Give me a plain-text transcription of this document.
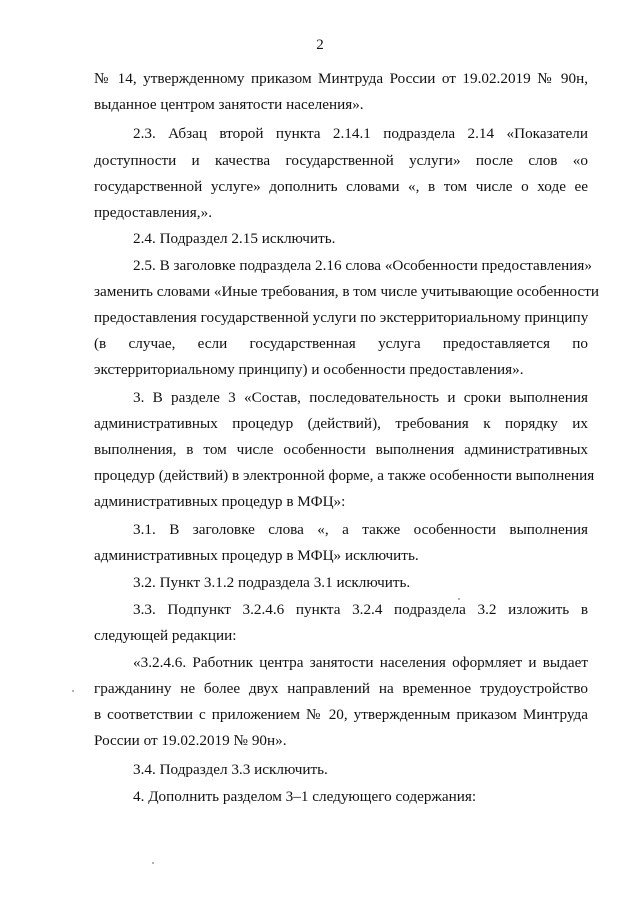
2
№ 14, утвержденному приказом Минтруда России от 19.02.2019 № 90н,
выданное центром занятости населения».
2.3. Абзац второй пункта 2.14.1 подраздела 2.14 «Показатели
доступности и качества государственной услуги» после слов «о
государственной услуге» дополнить словами «, в том числе о ходе ее
предоставления,».
2.4. Подраздел 2.15 исключить.
2.5. В заголовке подраздела 2.16 слова «Особенности предоставления»
заменить словами «Иные требования, в том числе учитывающие особенности
предоставления государственной услуги по экстерриториальному принципу
(в случае, если государственная услуга предоставляется по
экстерриториальному принципу) и особенности предоставления».
3. В разделе 3 «Состав, последовательность и сроки выполнения
административных процедур (действий), требования к порядку их
выполнения, в том числе особенности выполнения административных
процедур (действий) в электронной форме, а также особенности выполнения
административных процедур в МФЦ»:
3.1. В заголовке слова «, а также особенности выполнения
административных процедур в МФЦ» исключить.
3.2. Пункт 3.1.2 подраздела 3.1 исключить.
3.3. Подпункт 3.2.4.6 пункта 3.2.4 подраздела 3.2 изложить в
следующей редакции:
«3.2.4.6. Работник центра занятости населения оформляет и выдает
гражданину не более двух направлений на временное трудоустройство
в соответствии с приложением № 20, утвержденным приказом Минтруда
России от 19.02.2019 № 90н».
3.4. Подраздел 3.3 исключить.
4. Дополнить разделом 3–1 следующего содержания:
